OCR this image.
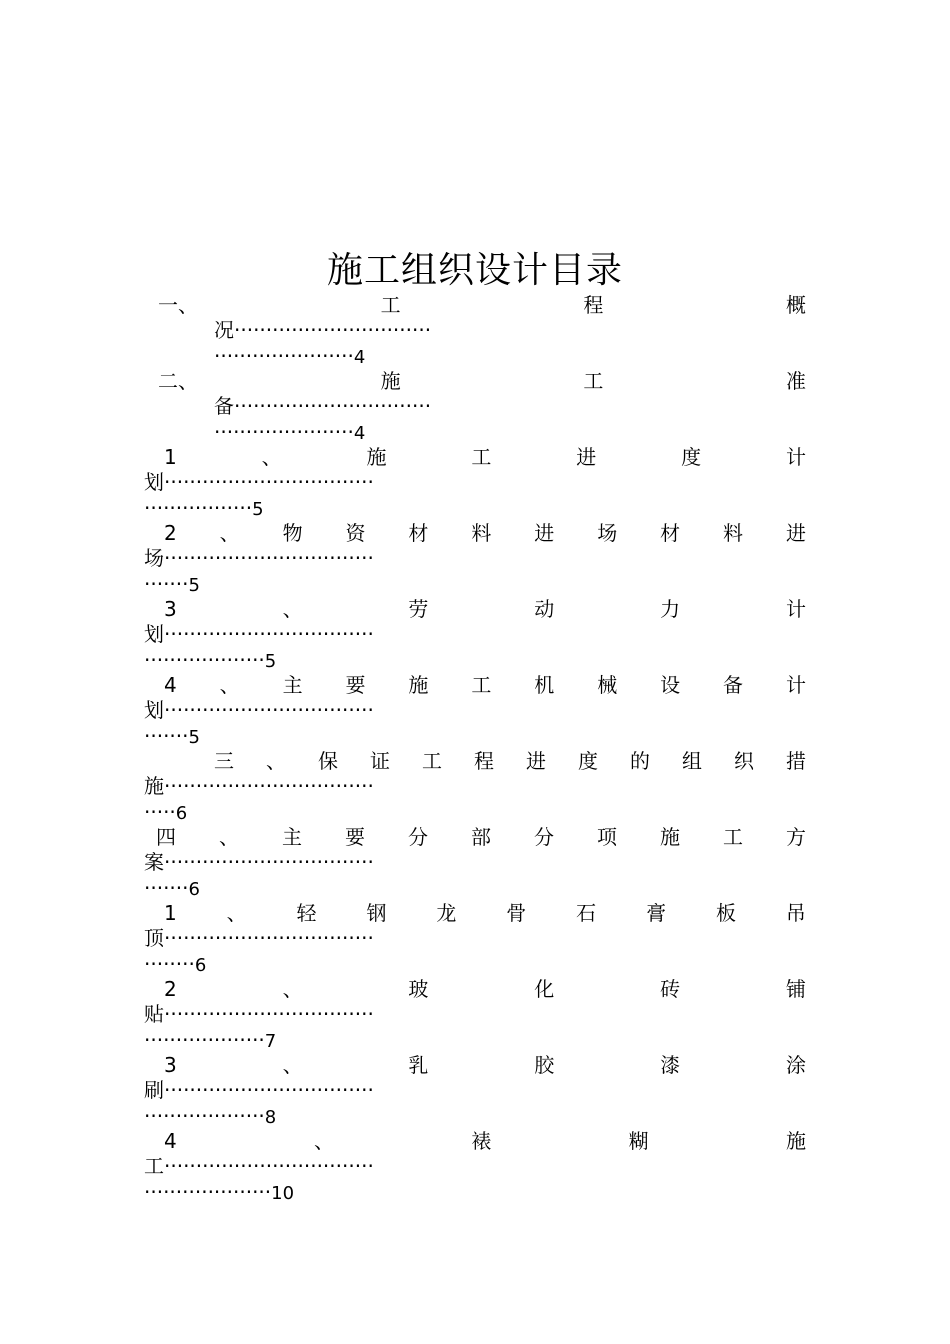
施工组织设计目录
一、	工	程	概
况·······························
······················4
二、	施	工	准
备·······························
······················4
1	、	施	工	进	度	计
划·································
·················5
2 、 物 资 材 料 进 场 材 料 进
场·································
·······5
3	、	劳	动	力	计
划·································
···················5
4 、 主 要 施 工 机 械 设 备 计
划·································
·······5
三 、 保 证 工 程 进 度 的 组 织 措
施·································
·····6
四 、 主 要 分 部 分 项 施 工 方
案·································
·······6
1 、 轻 钢 龙 骨 石 膏 板 吊
顶·································
········6
2	、	玻	化	砖	铺
贴·································
···················7
3	、	乳	胶	漆	涂
刷·································
···················8
4	、	裱	糊	施
工·································
····················10
